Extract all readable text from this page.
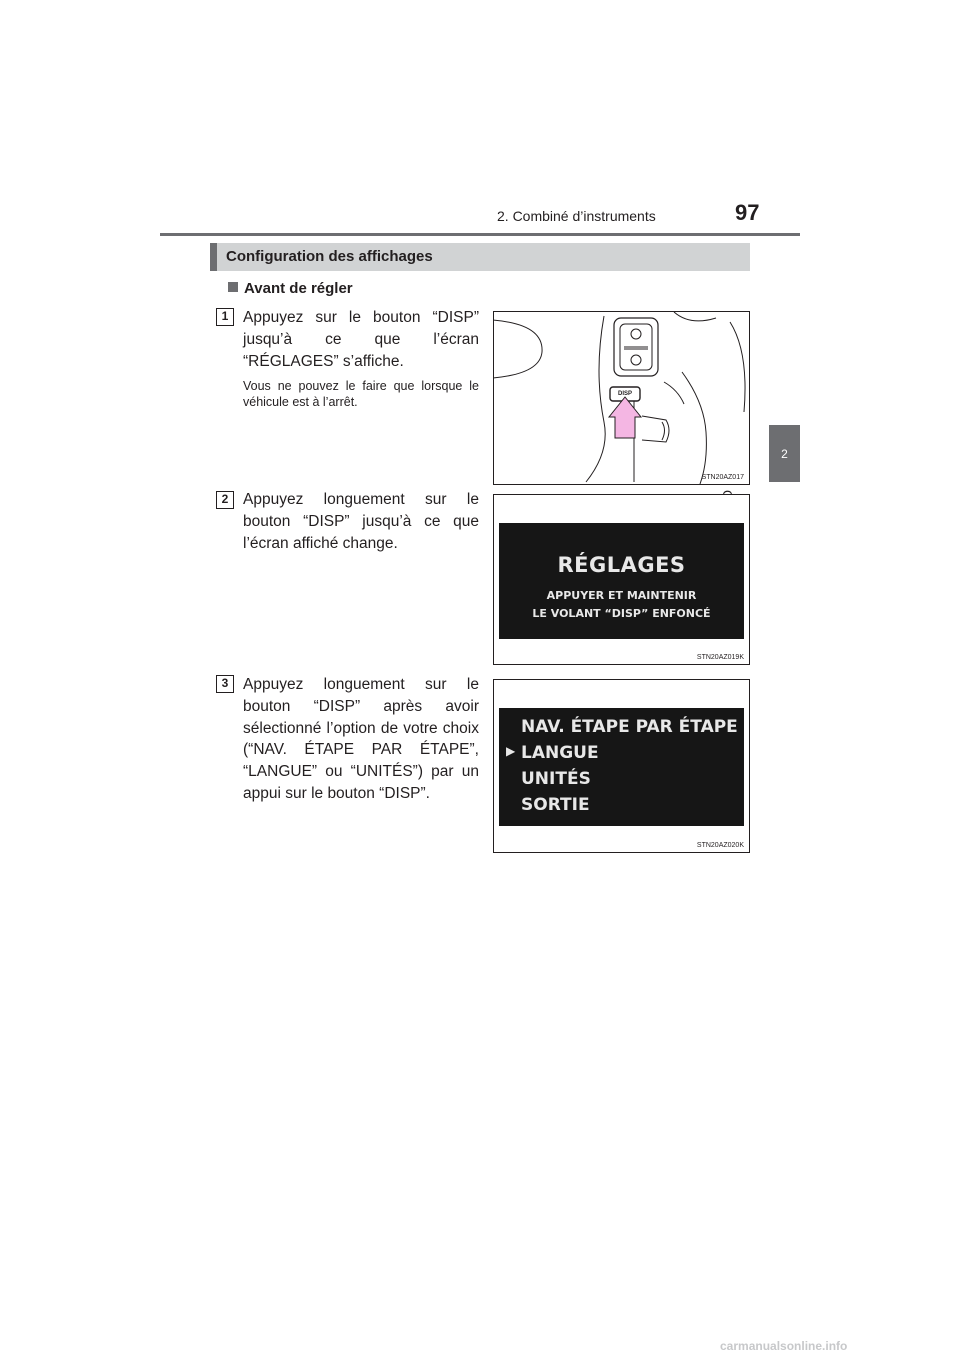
2. Combiné d’instruments	97
2
Configuration des affichages
Avant de régler
1 Appuyez sur le bouton “DISP” jusqu’à ce que l’écran “RÉGLAGES” s’affiche.
Vous ne pouvez le faire que lorsque le véhicule est à l’arrêt.
DISP
STN20AZ017
2 Appuyez longuement sur le bouton “DISP” jusqu’à ce que l’écran affiché change.
RÉGLAGES
APPUYER ET MAINTENIR
LE VOLANT “DISP” ENFONCÉ
STN20AZ019K
3 Appuyez longuement sur le bouton “DISP” après avoir sélectionné l’option de votre choix (“NAV. ÉTAPE PAR ÉTAPE”, “LANGUE” ou “UNITÉS”) par un appui sur le bouton “DISP”.
▶
NAV. ÉTAPE PAR ÉTAPE
LANGUE
UNITÉS
SORTIE
STN20AZ020K
carmanualsonline.info
